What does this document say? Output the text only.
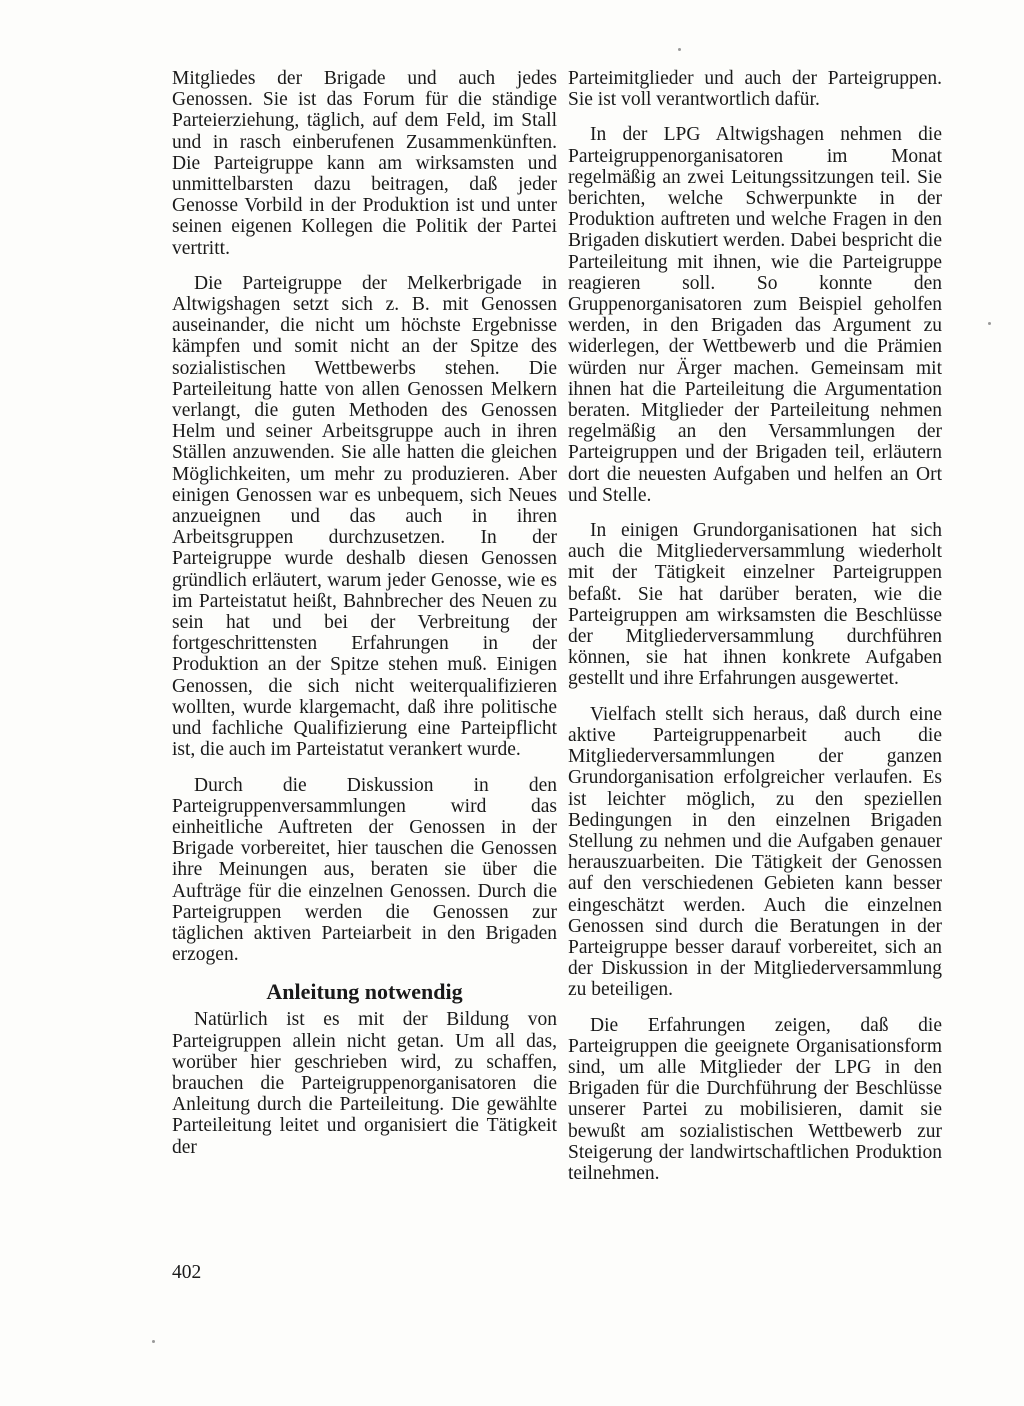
Mitgliedes der Brigade und auch jedes Genossen. Sie ist das Forum für die ständige Parteierziehung, täglich, auf dem Feld, im Stall und in rasch einberufenen Zusammenkünften. Die Parteigruppe kann am wirksamsten und unmittelbarsten dazu beitragen, daß jeder Genosse Vorbild in der Produktion ist und unter seinen eigenen Kollegen die Politik der Partei vertritt.

Die Parteigruppe der Melkerbrigade in Altwigshagen setzt sich z. B. mit Genossen auseinander, die nicht um höchste Ergebnisse kämpfen und somit nicht an der Spitze des sozialistischen Wettbewerbs stehen. Die Parteileitung hatte von allen Genossen Melkern verlangt, die guten Methoden des Genossen Helm und seiner Arbeitsgruppe auch in ihren Ställen anzuwenden. Sie alle hatten die gleichen Möglichkeiten, um mehr zu produzieren. Aber einigen Genossen war es unbequem, sich Neues anzueignen und das auch in ihren Arbeitsgruppen durchzusetzen. In der Parteigruppe wurde deshalb diesen Genossen gründlich erläutert, warum jeder Genosse, wie es im Parteistatut heißt, Bahnbrecher des Neuen zu sein hat und bei der Verbreitung der fortgeschrittensten Erfahrungen in der Produktion an der Spitze stehen muß. Einigen Genossen, die sich nicht weiterqualifizieren wollten, wurde klargemacht, daß ihre politische und fachliche Qualifizierung eine Parteipflicht ist, die auch im Parteistatut verankert wurde.

Durch die Diskussion in den Parteigruppenversammlungen wird das einheitliche Auftreten der Genossen in der Brigade vorbereitet, hier tauschen die Genossen ihre Meinungen aus, beraten sie über die Aufträge für die einzelnen Genossen. Durch die Parteigruppen werden die Genossen zur täglichen aktiven Parteiarbeit in den Brigaden erzogen.

Anleitung notwendig

Natürlich ist es mit der Bildung von Parteigruppen allein nicht getan. Um all das, worüber hier geschrieben wird, zu schaffen, brauchen die Parteigruppenorganisatoren die Anleitung durch die Parteileitung. Die gewählte Parteileitung leitet und organisiert die Tätigkeit der

Parteimitglieder und auch der Parteigruppen. Sie ist voll verantwortlich dafür.

In der LPG Altwigshagen nehmen die Parteigruppenorganisatoren im Monat regelmäßig an zwei Leitungssitzungen teil. Sie berichten, welche Schwerpunkte in der Produktion auftreten und welche Fragen in den Brigaden diskutiert werden. Dabei bespricht die Parteileitung mit ihnen, wie die Parteigruppe reagieren soll. So konnte den Gruppenorganisatoren zum Beispiel geholfen werden, in den Brigaden das Argument zu widerlegen, der Wettbewerb und die Prämien würden nur Ärger machen. Gemeinsam mit ihnen hat die Parteileitung die Argumentation beraten. Mitglieder der Parteileitung nehmen regelmäßig an den Versammlungen der Parteigruppen und der Brigaden teil, erläutern dort die neuesten Aufgaben und helfen an Ort und Stelle.

In einigen Grundorganisationen hat sich auch die Mitgliederversammlung wiederholt mit der Tätigkeit einzelner Parteigruppen befaßt. Sie hat darüber beraten, wie die Parteigruppen am wirksamsten die Beschlüsse der Mitgliederversammlung durchführen können, sie hat ihnen konkrete Aufgaben gestellt und ihre Erfahrungen ausgewertet.

Vielfach stellt sich heraus, daß durch eine aktive Parteigruppenarbeit auch die Mitgliederversammlungen der ganzen Grundorganisation erfolgreicher verlaufen. Es ist leichter möglich, zu den speziellen Bedingungen in den einzelnen Brigaden Stellung zu nehmen und die Aufgaben genauer herauszuarbeiten. Die Tätigkeit der Genossen auf den verschiedenen Gebieten kann besser eingeschätzt werden. Auch die einzelnen Genossen sind durch die Beratungen in der Parteigruppe besser darauf vorbereitet, sich an der Diskussion in der Mitgliederversammlung zu beteiligen.

Die Erfahrungen zeigen, daß die Parteigruppen die geeignete Organisationsform sind, um alle Mitglieder der LPG in den Brigaden für die Durchführung der Beschlüsse unserer Partei zu mobilisieren, damit sie bewußt am sozialistischen Wettbewerb zur Steigerung der landwirtschaftlichen Produktion teilnehmen.

402
